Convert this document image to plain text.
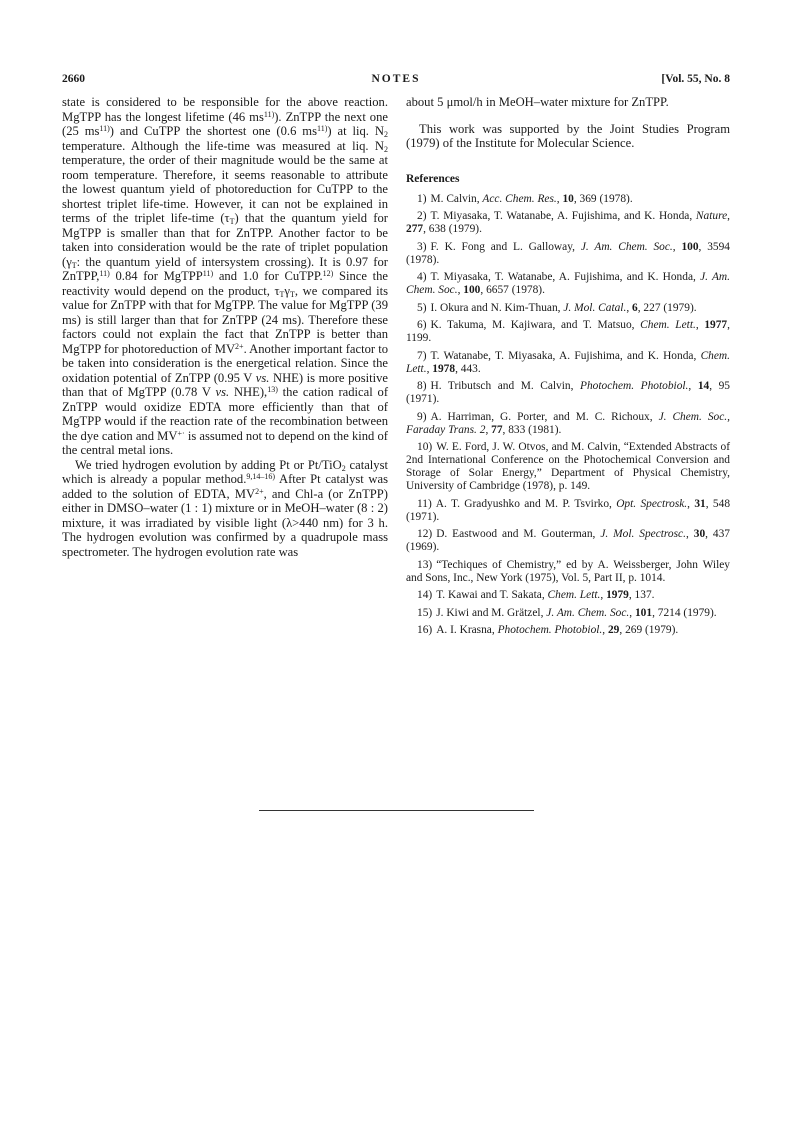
2660	NOTES	[Vol. 55, No. 8

state is considered to be responsible for the above reaction. MgTPP has the longest lifetime (46 $ms^{11)}$). ZnTPP the next one (25 $ms^{11)}$) and CuTPP the shortest one (0.6 $ms^{11)}$) at liq. $N_2$ temperature. Although the life-time was measured at liq. $N_2$ temperature, the order of their magnitude would be the same at room temperature. Therefore, it seems reasonable to attribute the lowest quantum yield of photoreduction for CuTPP to the shortest triplet life-time. However, it can not be explained in terms of the triplet life-time $(\tau_T)$ that the quantum yield for MgTPP is smaller than that for ZnTPP. Another factor to be taken into consideration would be the rate of triplet population ($\gamma_T$: the quantum yield of intersystem crossing). It is 0.97 for ZnTPP,$^{11)}$ 0.84 for MgTPP$^{11)}$ and 1.0 for CuTPP.$^{12)}$ Since the reactivity would depend on the product, $\tau_T\gamma_T$, we compared its value for ZnTPP with that for MgTPP. The value for MgTPP (39 ms) is still larger than that for ZnTPP (24 ms). Therefore these factors could not explain the fact that ZnTPP is better than MgTPP for photoreduction of $MV^{2+}$. Another important factor to be taken into consideration is the energetical relation. Since the oxidation potential of ZnTPP (0.95 V vs. NHE) is more positive than that of MgTPP (0.78 V vs. NHE),$^{13)}$ the cation radical of ZnTPP would oxidize EDTA more efficiently than that of MgTPP would if the reaction rate of the recombination between the dye cation and MV+· is assumed not to depend on the kind of the central metal ions.

We tried hydrogen evolution by adding Pt or Pt/TiO$_2$ catalyst which is already a popular method.$^{9,14-16)}$ After Pt catalyst was added to the solution of EDTA, $MV^{2+}$, and Chl-a (or ZnTPP) either in DMSO–water (1 : 1) mixture or in MeOH–water (8 : 2) mixture, it was irradiated by visible light (λ>440 nm) for 3 h. The hydrogen evolution was confirmed by a quadrupole mass spectrometer. The hydrogen evolution rate was

about 5 μmol/h in MeOH–water mixture for ZnTPP.

This work was supported by the Joint Studies Program (1979) of the Institute for Molecular Science.

References

1) M. Calvin, Acc. Chem. Res., 10, 369 (1978).

2) T. Miyasaka, T. Watanabe, A. Fujishima, and K. Honda, Nature, 277, 638 (1979).

3) F. K. Fong and L. Galloway, J. Am. Chem. Soc., 100, 3594 (1978).

4) T. Miyasaka, T. Watanabe, A. Fujishima, and K. Honda, J. Am. Chem. Soc., 100, 6657 (1978).

5) I. Okura and N. Kim-Thuan, J. Mol. Catal., 6, 227 (1979).

6) K. Takuma, M. Kajiwara, and T. Matsuo, Chem. Lett., 1977, 1199.

7) T. Watanabe, T. Miyasaka, A. Fujishima, and K. Honda, Chem. Lett., 1978, 443.

8) H. Tributsch and M. Calvin, Photochem. Photobiol., 14, 95 (1971).

9) A. Harriman, G. Porter, and M. C. Richoux, J. Chem. Soc., Faraday Trans. 2, 77, 833 (1981).

10) W. E. Ford, J. W. Otvos, and M. Calvin, “Extended Abstracts of 2nd International Conference on the Photochemical Conversion and Storage of Solar Energy,” Department of Physical Chemistry, University of Cambridge (1978), p. 149.

11) A. T. Gradyushko and M. P. Tsvirko, Opt. Spectrosk., 31, 548 (1971).

12) D. Eastwood and M. Gouterman, J. Mol. Spectrosc., 30, 437 (1969).

13) “Techiques of Chemistry,” ed by A. Weissberger, John Wiley and Sons, Inc., New York (1975), Vol. 5, Part II, p. 1014.

14) T. Kawai and T. Sakata, Chem. Lett., 1979, 137.

15) J. Kiwi and M. Grätzel, J. Am. Chem. Soc., 101, 7214 (1979).

16) A. I. Krasna, Photochem. Photobiol., 29, 269 (1979).
